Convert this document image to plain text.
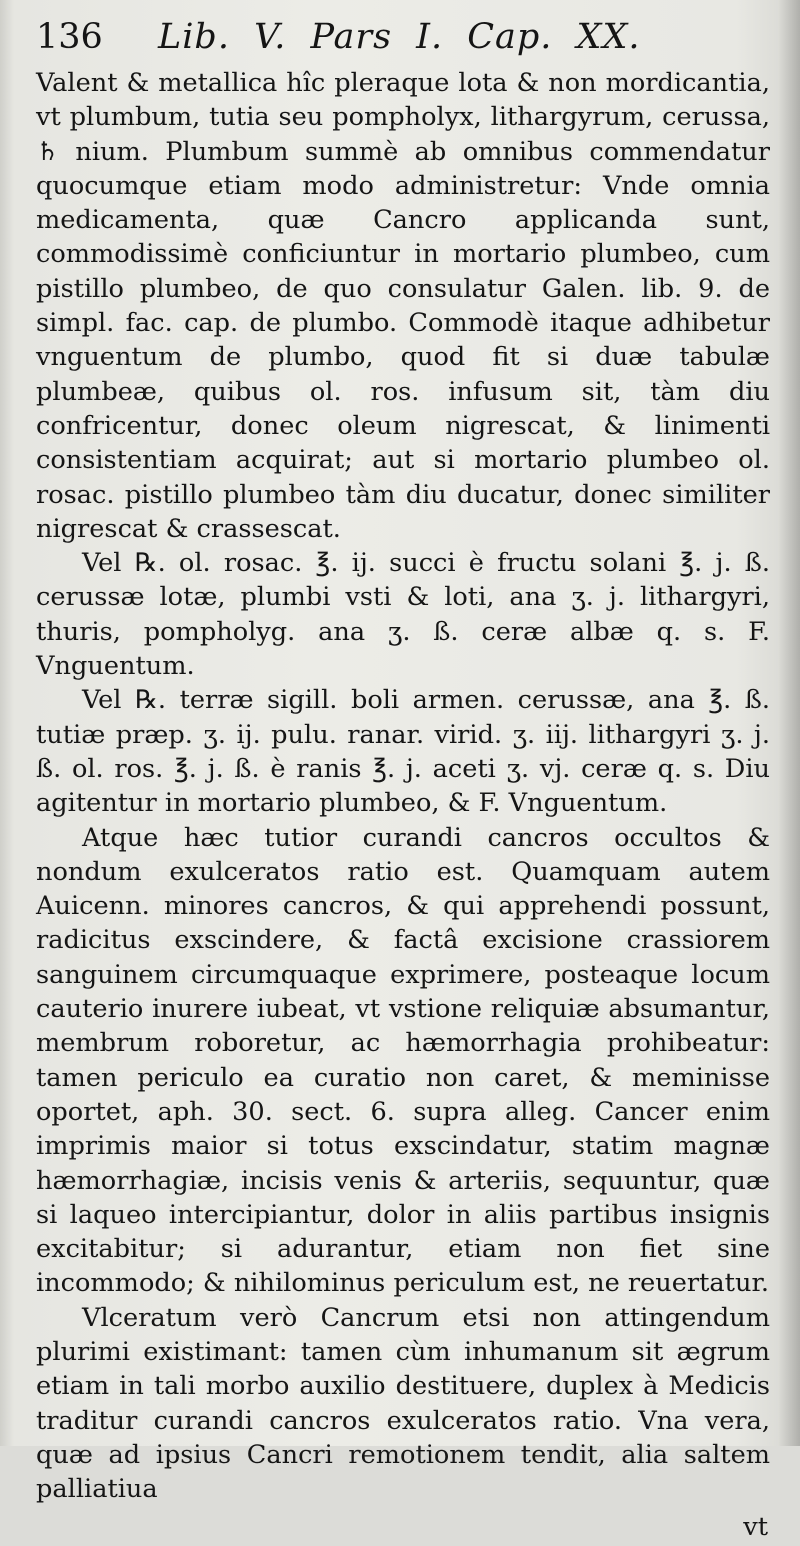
136	Lib. V. Pars I. Cap. XX.

Valent & metallica hîc pleraque lota & non mordicantia, vt plumbum, tutia seu pompholyx, lithargyrum, cerussa, ♄ nium. Plumbum summè ab omnibus commendatur quocumque etiam modo administretur: Vnde omnia medicamenta, quæ Cancro applicanda sunt, commodissimè conficiuntur in mortario plumbeo, cum pistillo plumbeo, de quo consulatur Galen. lib. 9. de simpl. fac. cap. de plumbo. Commodè itaque adhibetur vnguentum de plumbo, quod fit si duæ tabulæ plumbeæ, quibus ol. ros. infusum sit, tàm diu confricentur, donec oleum nigrescat, & linimenti consistentiam acquirat; aut si mortario plumbeo ol. rosac. pistillo plumbeo tàm diu ducatur, donec similiter nigrescat & crassescat.

Vel ℞. ol. rosac. ℥. ij. succi è fructu solani ℥. j. ß. cerussæ lotæ, plumbi vsti & loti, ana ʒ. j. lithargyri, thuris, pompholyg. ana ʒ. ß. ceræ albæ q. s. F. Vnguentum.

Vel ℞. terræ sigill. boli armen. cerussæ, ana ℥. ß. tutiæ præp. ʒ. ij. pulu. ranar. virid. ʒ. iij. lithargyri ʒ. j. ß. ol. ros. ℥. j. ß. è ranis ℥. j. aceti ʒ. vj. ceræ q. s. Diu agitentur in mortario plumbeo, & F. Vnguentum.

Atque hæc tutior curandi cancros occultos & nondum exulceratos ratio est. Quamquam autem Auicenn. minores cancros, & qui apprehendi possunt, radicitus exscindere, & factâ excisione crassiorem sanguinem circumquaque exprimere, posteaque locum cauterio inurere iubeat, vt vstione reliquiæ absumantur, membrum roboretur, ac hæmorrhagia prohibeatur: tamen periculo ea curatio non caret, & meminisse oportet, aph. 30. sect. 6. supra alleg. Cancer enim imprimis maior si totus exscindatur, statim magnæ hæmorrhagiæ, incisis venis & arteriis, sequuntur, quæ si laqueo intercipiantur, dolor in aliis partibus insignis excitabitur; si adurantur, etiam non fiet sine incommodo; & nihilominus periculum est, ne reuertatur.

Vlceratum verò Cancrum etsi non attingendum plurimi existimant: tamen cùm inhumanum sit ægrum etiam in tali morbo auxilio destituere, duplex à Medicis traditur curandi cancros exulceratos ratio. Vna vera, quæ ad ipsius Cancri remotionem tendit, alia saltem palliatiua

vt
